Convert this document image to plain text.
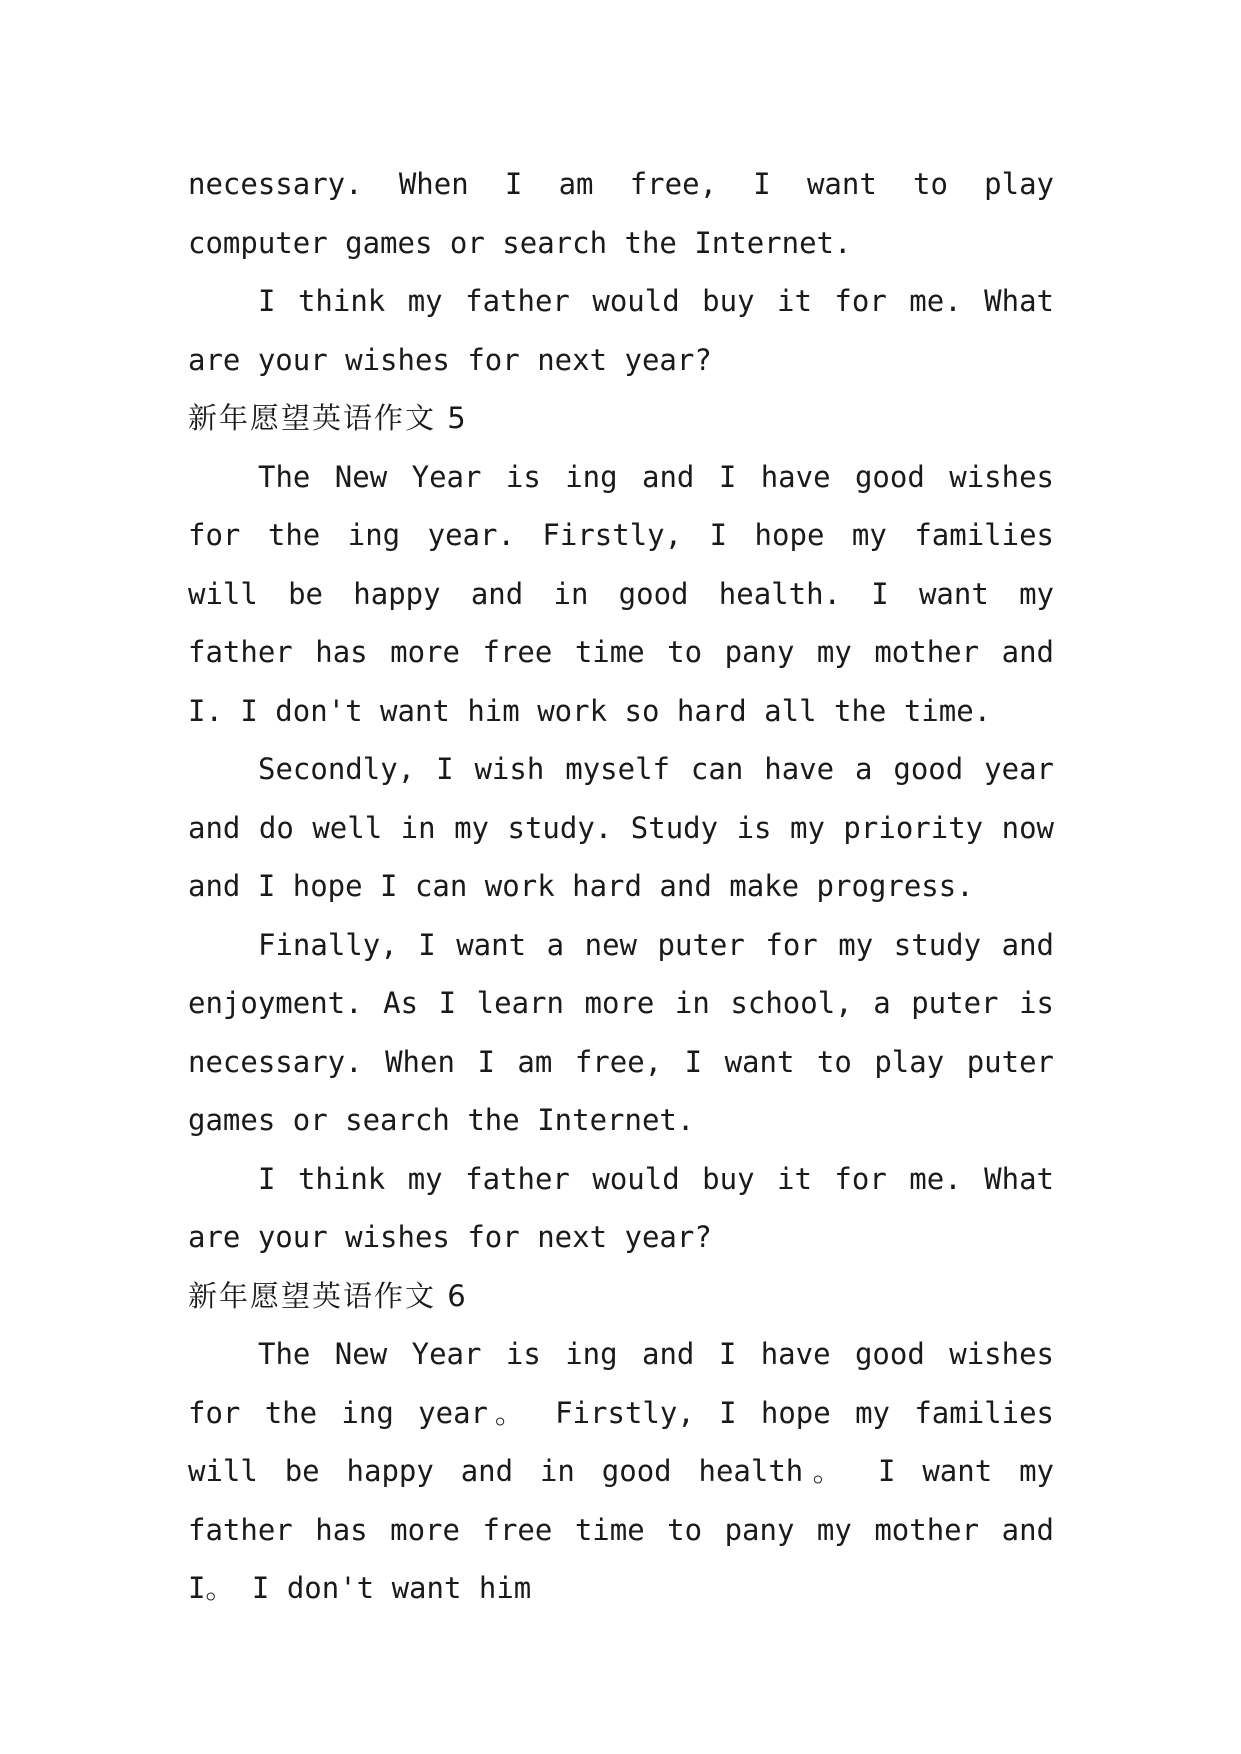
necessary. When I am free, I want to play computer games or search the Internet.

I think my father would buy it for me. What are your wishes for next year?

新年愿望英语作文 5

The New Year is ing and I have good wishes for the ing year. Firstly, I hope my families will be happy and in good health. I want my father has more free time to pany my mother and I. I don't want him work so hard all the time.

Secondly, I wish myself can have a good year and do well in my study. Study is my priority now and I hope I can work hard and make progress.

Finally, I want a new puter for my study and enjoyment. As I learn more in school, a puter is necessary. When I am free, I want to play puter games or search the Internet.

I think my father would buy it for me. What are your wishes for next year?

新年愿望英语作文 6

The New Year is ing and I have good wishes for the ing year。 Firstly, I hope my families will be happy and in good health。 I want my father has more free time to pany my mother and I。 I don't want him
